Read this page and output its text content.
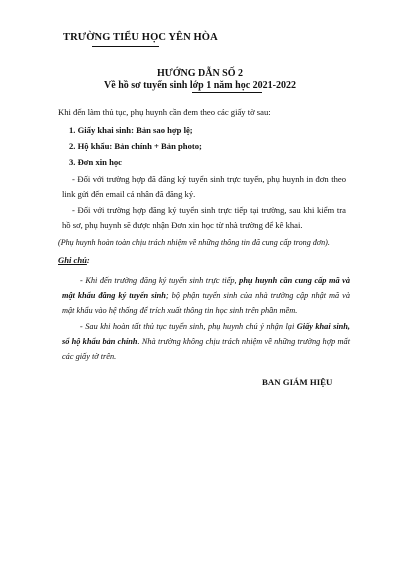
TRƯỜNG TIỂU HỌC YÊN HÒA
HƯỚNG DẪN SỐ 2
Về hồ sơ tuyển sinh lớp 1 năm học 2021-2022
Khi đến làm thủ tục, phụ huynh cần đem theo các giấy tờ sau:
1. Giấy khai sinh: Bản sao hợp lệ;
2. Hộ khẩu: Bản chính + Bản photo;
3. Đơn xin học
- Đối với trường hợp đã đăng ký tuyển sinh trực tuyến, phụ huynh in đơn theo link gửi đến email cá nhân đã đăng ký.
- Đối với trường hợp đăng ký tuyển sinh trực tiếp tại trường, sau khi kiểm tra hồ sơ, phụ huynh sẽ được nhận Đơn xin học từ nhà trường để kê khai.
(Phụ huynh hoàn toàn chịu trách nhiệm về những thông tin đã cung cấp trong đơn).
Ghi chú:
- Khi đến trường đăng ký tuyển sinh trực tiếp, phụ huynh cần cung cấp mã và mật khẩu đăng ký tuyển sinh; bộ phận tuyển sinh của nhà trường cập nhật mã và mật khẩu vào hệ thống để trích xuất thông tin học sinh trên phần mềm.
- Sau khi hoàn tất thủ tục tuyển sinh, phụ huynh chú ý nhận lại Giấy khai sinh, sổ hộ khẩu bản chính. Nhà trường không chịu trách nhiệm về những trường hợp mất các giấy tờ trên.
BAN GIÁM HIỆU
